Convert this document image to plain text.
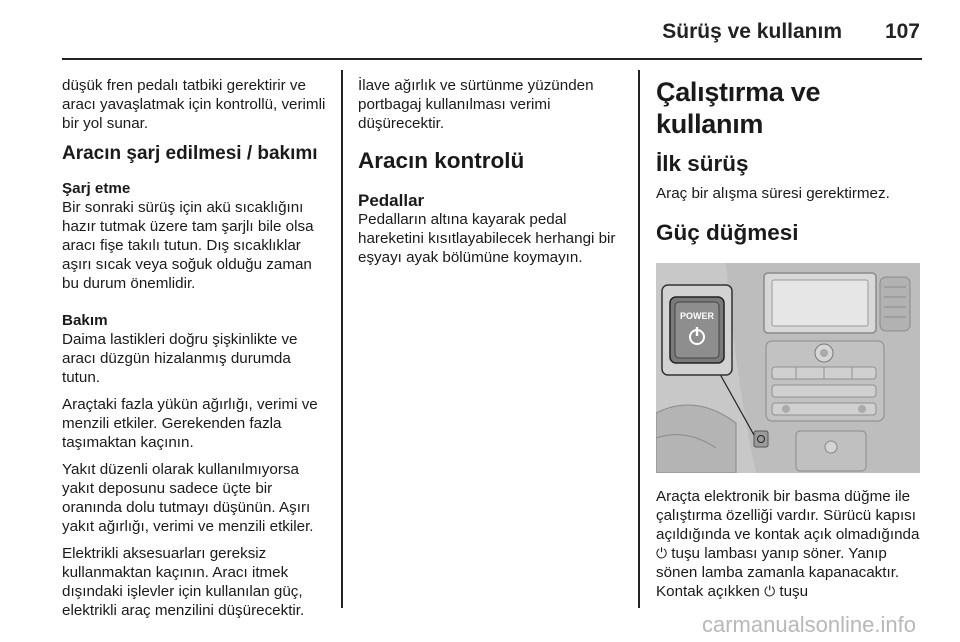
Sürüş ve kullanım 107

düşük fren pedalı tatbiki gerektirir ve aracı yavaşlatmak için kontrollü, verimli bir yol sunar.

Aracın şarj edilmesi / bakımı
Şarj etme

Bir sonraki sürüş için akü sıcaklığını hazır tutmak üzere tam şarjlı bile olsa aracı fişe takılı tutun. Dış sıcaklıklar aşırı sıcak veya soğuk olduğu zaman bu durum önemlidir.

Bakım

Daima lastikleri doğru şişkinlikte ve aracı düzgün hizalanmış durumda tutun.

Araçtaki fazla yükün ağırlığı, verimi ve menzili etkiler. Gerekenden fazla taşımaktan kaçının.

Yakıt düzenli olarak kullanılmıyorsa yakıt deposunu sadece üçte bir oranında dolu tutmayı düşünün. Aşırı yakıt ağırlığı, verimi ve menzili etkiler.

Elektrikli aksesuarları gereksiz kullanmaktan kaçının. Aracı itmek dışındaki işlevler için kullanılan güç, elektrikli araç menzilini düşürecektir.

İlave ağırlık ve sürtünme yüzünden portbagaj kullanılması verimi düşürecektir.

Aracın kontrolü
Pedallar

Pedalların altına kayarak pedal hareketini kısıtlayabilecek herhangi bir eşyayı ayak bölümüne koymayın.

Çalıştırma ve kullanım
İlk sürüş

Araç bir alışma süresi gerektirmez.

Güç düğmesi
POWER

Araçta elektronik bir basma düğme ile çalıştırma özelliği vardır. Sürücü kapısı açıldığında ve kontak açık olmadığında ⏻ tuşu lambası yanıp söner. Yanıp sönen lamba zamanla kapanacaktır. Kontak açıkken ⏻ tuşu

carmanualsonline.info
